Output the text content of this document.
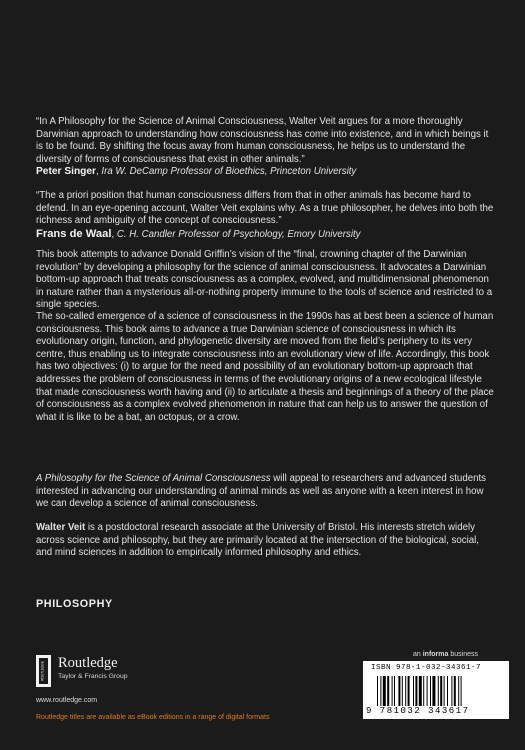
“In A Philosophy for the Science of Animal Consciousness, Walter Veit argues for a more thoroughly Darwinian approach to understanding how consciousness has come into existence, and in which beings it is to be found. By shifting the focus away from human consciousness, he helps us to understand the diversity of forms of consciousness that exist in other animals.”

Peter Singer, Ira W. DeCamp Professor of Bioethics, Princeton University

“The a priori position that human consciousness differs from that in other animals has become hard to defend. In an eye-opening account, Walter Veit explains why. As a true philosopher, he delves into both the richness and ambiguity of the concept of consciousness.”

Frans de Waal, C. H. Candler Professor of Psychology, Emory University

This book attempts to advance Donald Griffin’s vision of the “final, crowning chapter of the Darwinian revolution” by developing a philosophy for the science of animal consciousness. It advocates a Darwinian bottom-up approach that treats consciousness as a complex, evolved, and multidimensional phenomenon in nature rather than a mysterious all-or-nothing property immune to the tools of science and restricted to a single species.

The so-called emergence of a science of consciousness in the 1990s has at best been a science of human consciousness. This book aims to advance a true Darwinian science of consciousness in which its evolutionary origin, function, and phylogenetic diversity are moved from the field’s periphery to its very centre, thus enabling us to integrate consciousness into an evolutionary view of life. Accordingly, this book has two objectives: (i) to argue for the need and possibility of an evolutionary bottom-up approach that addresses the problem of consciousness in terms of the evolutionary origins of a new ecological lifestyle that made consciousness worth having and (ii) to articulate a thesis and beginnings of a theory of the place of consciousness as a complex evolved phenomenon in nature that can help us to answer the question of what it is like to be a bat, an octopus, or a crow.

A Philosophy for the Science of Animal Consciousness will appeal to researchers and advanced students interested in advancing our understanding of animal minds as well as anyone with a keen interest in how we can develop a science of animal consciousness.

Walter Veit is a postdoctoral research associate at the University of Bristol. His interests stretch widely across science and philosophy, but they are primarily located at the intersection of the biological, social, and mind sciences in addition to empirically informed philosophy and ethics.

PHILOSOPHY
an informa business
ISBN 978-1-032-34361-7
9 781032 343617
ROUTLEDGE Routledge
Taylor & Francis Group
www.routledge.com
Routledge titles are available as eBook editions in a range of digital formats
